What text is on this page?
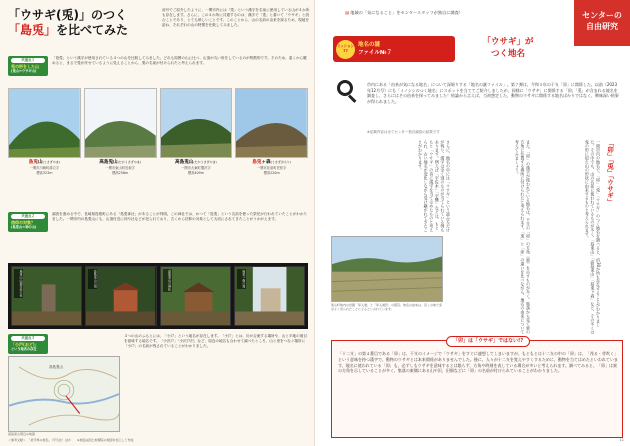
「ウサギ(兎)」のつく
「島兎」を比べてみた
前号でご紹介したように、一関市内には「兎」という漢字を名前に使用している山が４か所も存在します。さらに、この４か所に共通するのは、漢字で「兎」と書いて「ウサギ」と読むことであり、とても珍しいことです。このことから、山の名前の由来を探るため、現地を訪ね、それぞれの山の特徴を比較してみました。
共通点１
兎の形をした山
(兎山＝ウサギ山)
「島兎」という漢字が使用されている４つの山を比較してみました。どれも周囲の山に比べ、山頂が丸い形をしているのが特徴的です。そのため、遠くから眺めると、まるで兎が伏せているように見えることから、兎の名前が付けられたと考えられます。
島兎山(うさぎやま)
一関市川崎町薄衣字
標高323m
高島兎山(たかうさぎやま)
一関市東山町長坂字
標高258m
高島兎山(たかうさぎやま)
一関市大東町摺沢字
標高409m
島兎ヶ森(うさぎがもり)
一関市花泉町老松字
標高220m
共通点２
信仰の対象？
(島兎山＝神の山)
調査を進める中で、長崎県島根町にある「島兎神社」があることが判明。この神社では、かつて「島兎」という名前を使った祭祀が行われていたことがわかりました。一関市内の島兎山にも、山頂付近に祠や社などが祀られており、古くから信仰の対象として大切にされてきたことがうかがえます。
島兎山山頂付近の社	高島兎山の祠	高島兎山の神社	島兎ヶ森の祠
共通点３
「小戸(おど)」
という地名の存在
４つの山のふもとには、「小戸」という地名が存在します。「小戸」とは、川が合流する場所や、山と平地の境目を意味する地名です。「小沢戸」「小沢戸沢」など、周辺の地名も合わせて調べたところ、山と里をつなぐ場所に「小戸」の名前が残されていることがわかりました。
高島兎山
高島兎山周辺の地図
＜参考文献＞　「岩手県の地名」（平凡社）ほか　　※地図は国土地理院の地図を加工して作成
▤ 地域の「気になること」をセンタースタッフが独自に調査！	センターの
自由研究
ミッション77
地名の謎
ファイル№７
「ウサギ」が
つく地名
市内にある「由来が気になる地名」について深堀りする「地名の謎ファイル」。第７弾は、令和５年の干支「卯」に関係した、以前（2023年12月号）にも「イノシシのつく地名」にスポットを当ててご紹介しましたが、同様に「ウサギ」に関係する「卯」「兎」が含まれる地名を調査し、さらにはその由来を探ってみました！結論から言えば、当初想定した、動物のウサギに関係する地名ばかりではなく、興味深い結果が得られました。
※記載内容は全てセンター独自調査の結果です
「卯」「兎」「ウサギ」
一関市内の地名で、「卯」「兎」「ウサギ」のつく地名を調べると、約30か所も存在することがわかりました。その中でも、山の名前に使われているものが多く、「島兎山」「高島兎山」「島兎ヶ森」など、その多くは兎の形に似た山の形状に由来するものと考えられます。
また、「卯」の漢字が使われている地名は、干支の「卯」の方角（東）を示すものが多く、集落から見て東の方角に位置する場所に付けられたと考えられます。「兎」と「卯」の違いを比べながら、地名の由来について考えてみましょう。
さらに、地名の中には「ウサギ」という読み方だけが残り、漢字は全く別のものが当てられている例もあります。例えば「宇佐木」「宇鷺」などは、もともと「ウサギ」の音に漢字を当てはめたものと考えられ、古い地名が変化しながら受け継がれてきたことがわかります。
東山町地内の田園「卯入道」と「卯入道沢」の風景。地名の由来は、昔この地で兎がよく見られたことによるといわれています。
「卯」は「ウサギ」ではない!?
「十二支」の第４番目である「卯」は、干支のイメージで「ウサギ」をすぐに連想してしまいますが、もともとは十二支の中の「卯」は、「茂る・芽吹く」という意味を持つ漢字で、動物のウサギとは本来関係がありませんでした。後に、人々が十二支を覚えやすくするために、動物を当てはめたといわれています。地名に使われている「卯」も、必ずしもウサギを意味するとは限らず、方角や時刻を表している場合が多いと考えられます。調べてみると、「卯」は東の方角を示していることが多く、集落の東側にある山や沢、田畑などに「卯」の名前が付けられていることがわかりました。
11
